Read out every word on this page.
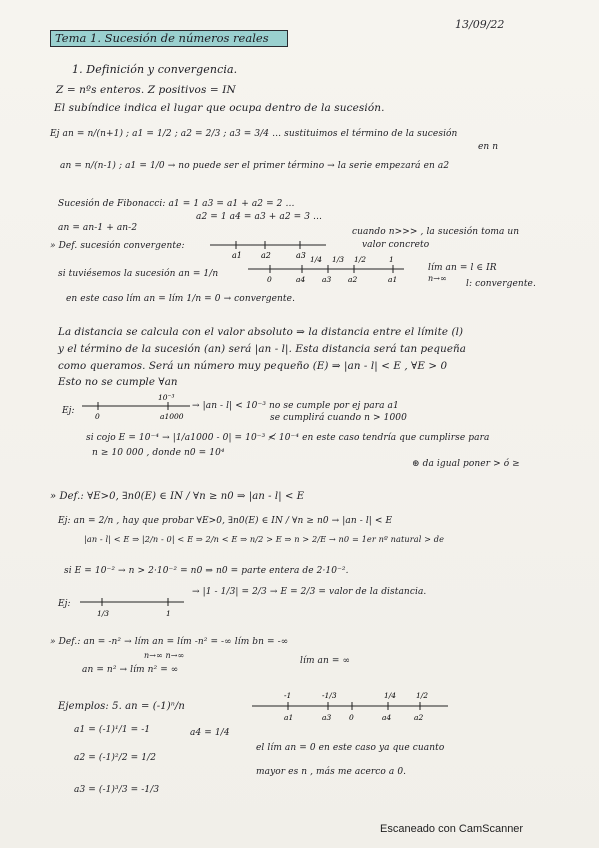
13/09/22
Tema 1. Sucesión de números reales
1. Definición y convergencia.
Z = nºs enteros. Z positivos = IN
El subíndice indica el lugar que ocupa dentro de la sucesión.
Ej an = n/(n+1) ; a1 = 1/2 ; a2 = 2/3 ; a3 = 3/4 … sustituimos el término de la sucesión
en n
an = n/(n-1) ; a1 = 1/0 → no puede ser el primer término → la serie empezará en a2
Sucesión de Fibonacci: a1 = 1 a3 = a1 + a2 = 2 …
a2 = 1 a4 = a3 + a2 = 3 …
an = an-1 + an-2
» Def. sucesión convergente:
a1 a2	a3
cuando n>>> , la sucesión toma un
valor concreto
si tuviésemos la sucesión an = 1/n
1/4 1/3 1/2	1
0	a4 a3 a2	a1
lím an = l ∈ IR
n→∞
l: convergente.
en este caso lím an = lím 1/n = 0 → convergente.
La distancia se calcula con el valor absoluto ⇒ la distancia entre el límite (l)
y el término de la sucesión (an) será |an - l|. Esta distancia será tan pequeña
como queramos. Será un número muy pequeño (E) ⇒ |an - l| < E , ∀E > 0
Esto no se cumple ∀an
Ej:
10⁻³
0	a1000
→ |an - l| < 10⁻³ no se cumple por ej para a1
se cumplirá cuando n > 1000
si cojo E = 10⁻⁴ → |1/a1000 - 0| = 10⁻³ ≮ 10⁻⁴ en este caso tendría que cumplirse para
n ≥ 10 000 , donde n0 = 10⁴
⊛ da igual poner > ó ≥
» Def.: ∀E>0, ∃n0(E) ∈ IN / ∀n ≥ n0 ⇒ |an - l| < E
Ej: an = 2/n , hay que probar ∀E>0, ∃n0(E) ∈ IN / ∀n ≥ n0 → |an - l| < E
|an - l| < E ⇒ |2/n - 0| < E ⇒ 2/n < E ⇒ n/2 > E ⇒ n > 2/E → n0 = 1er nº natural > de
si E = 10⁻² → n > 2·10⁻² = n0 ⇒ n0 = parte entera de 2·10⁻².
Ej:
1/3	1
→ |1 - 1/3| = 2/3 → E = 2/3 = valor de la distancia.
» Def.: an = -n² → lím an = lím -n² = -∞ lím bn = -∞
n→∞ n→∞
lím an = ∞
an = n² → lím n² = ∞
Ejemplos: 5. an = (-1)ⁿ/n
-1	-1/3	1/4	1/2
a1	a3 0	a4	a2
a1 = (-1)¹/1 = -1	a4 = 1/4
el lím an = 0 en este caso ya que cuanto
a2 = (-1)²/2 = 1/2
mayor es n , más me acerco a 0.
a3 = (-1)³/3 = -1/3
Escaneado con CamScanner
